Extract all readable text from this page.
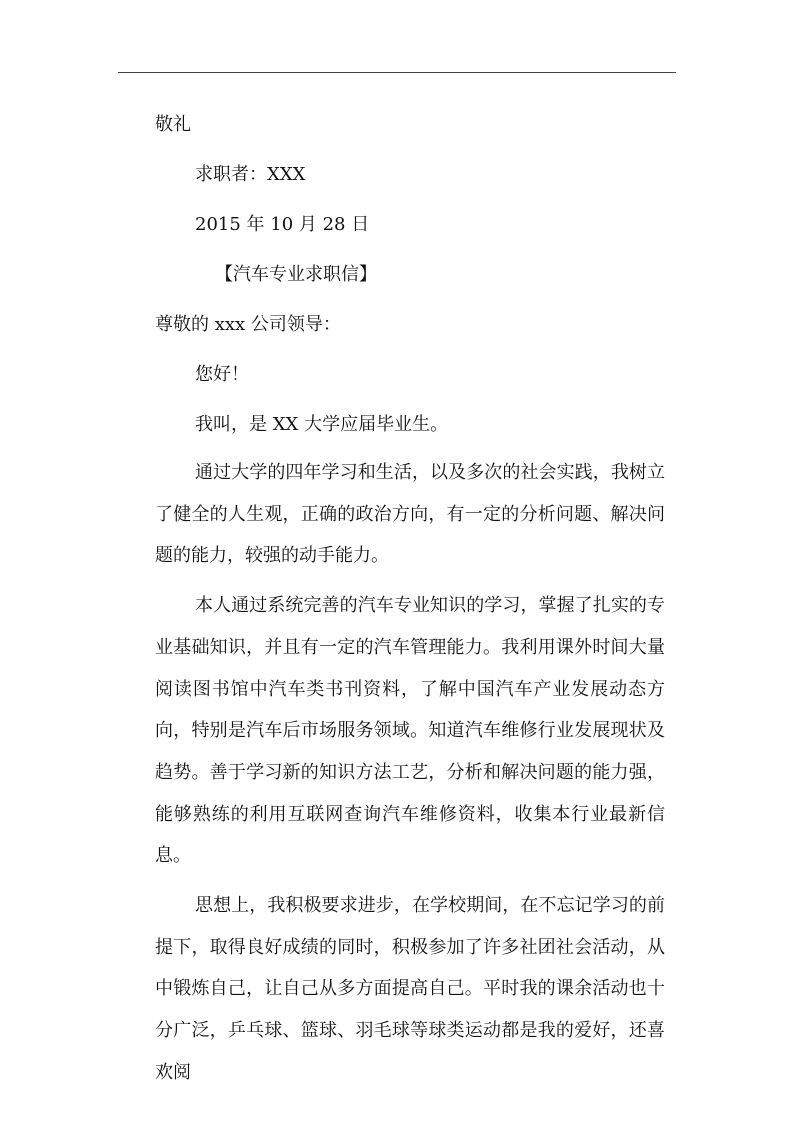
敬礼
求职者：XXX
2015 年 10 月 28 日
【汽车专业求职信】
尊敬的 xxx 公司领导：
您好！
我叫，是 XX 大学应届毕业生。

通过大学的四年学习和生活，以及多次的社会实践，我树立了健全的人生观，正确的政治方向，有一定的分析问题、解决问题的能力，较强的动手能力。

本人通过系统完善的汽车专业知识的学习，掌握了扎实的专业基础知识，并且有一定的汽车管理能力。我利用课外时间大量阅读图书馆中汽车类书刊资料，了解中国汽车产业发展动态方向，特别是汽车后市场服务领域。知道汽车维修行业发展现状及趋势。善于学习新的知识方法工艺，分析和解决问题的能力强，能够熟练的利用互联网查询汽车维修资料，收集本行业最新信息。

思想上，我积极要求进步，在学校期间，在不忘记学习的前提下，取得良好成绩的同时，积极参加了许多社团社会活动，从中锻炼自己，让自己从多方面提高自己。平时我的课余活动也十分广泛，乒乓球、篮球、羽毛球等球类运动都是我的爱好，还喜欢阅
